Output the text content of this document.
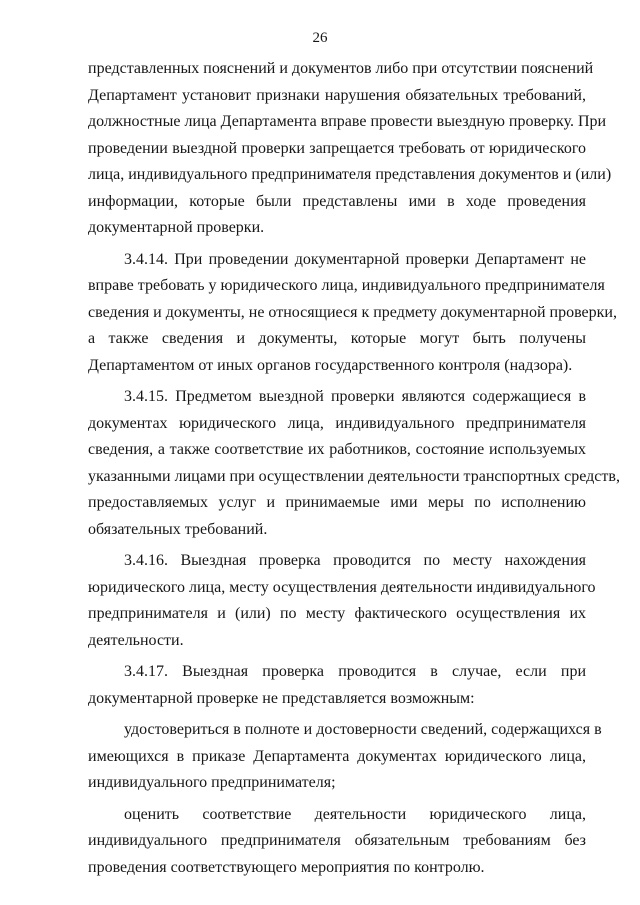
26
представленных пояснений и документов либо при отсутствии пояснений
Департамент установит признаки нарушения обязательных требований,
должностные лица Департамента вправе провести выездную проверку. При
проведении выездной проверки запрещается требовать от юридического
лица, индивидуального предпринимателя представления документов и (или)
информации, которые были представлены ими в ходе проведения
документарной проверки.
3.4.14. При проведении документарной проверки Департамент не
вправе требовать у юридического лица, индивидуального предпринимателя
сведения и документы, не относящиеся к предмету документарной проверки,
а также сведения и документы, которые могут быть получены
Департаментом от иных органов государственного контроля (надзора).
3.4.15. Предметом выездной проверки являются содержащиеся в
документах юридического лица, индивидуального предпринимателя
сведения, а также соответствие их работников, состояние используемых
указанными лицами при осуществлении деятельности транспортных средств,
предоставляемых услуг и принимаемые ими меры по исполнению
обязательных требований.
3.4.16. Выездная проверка проводится по месту нахождения
юридического лица, месту осуществления деятельности индивидуального
предпринимателя и (или) по месту фактического осуществления их
деятельности.
3.4.17. Выездная проверка проводится в случае, если при
документарной проверке не представляется возможным:
удостовериться в полноте и достоверности сведений, содержащихся в
имеющихся в приказе Департамента документах юридического лица,
индивидуального предпринимателя;
оценить соответствие деятельности юридического лица,
индивидуального предпринимателя обязательным требованиям без
проведения соответствующего мероприятия по контролю.
